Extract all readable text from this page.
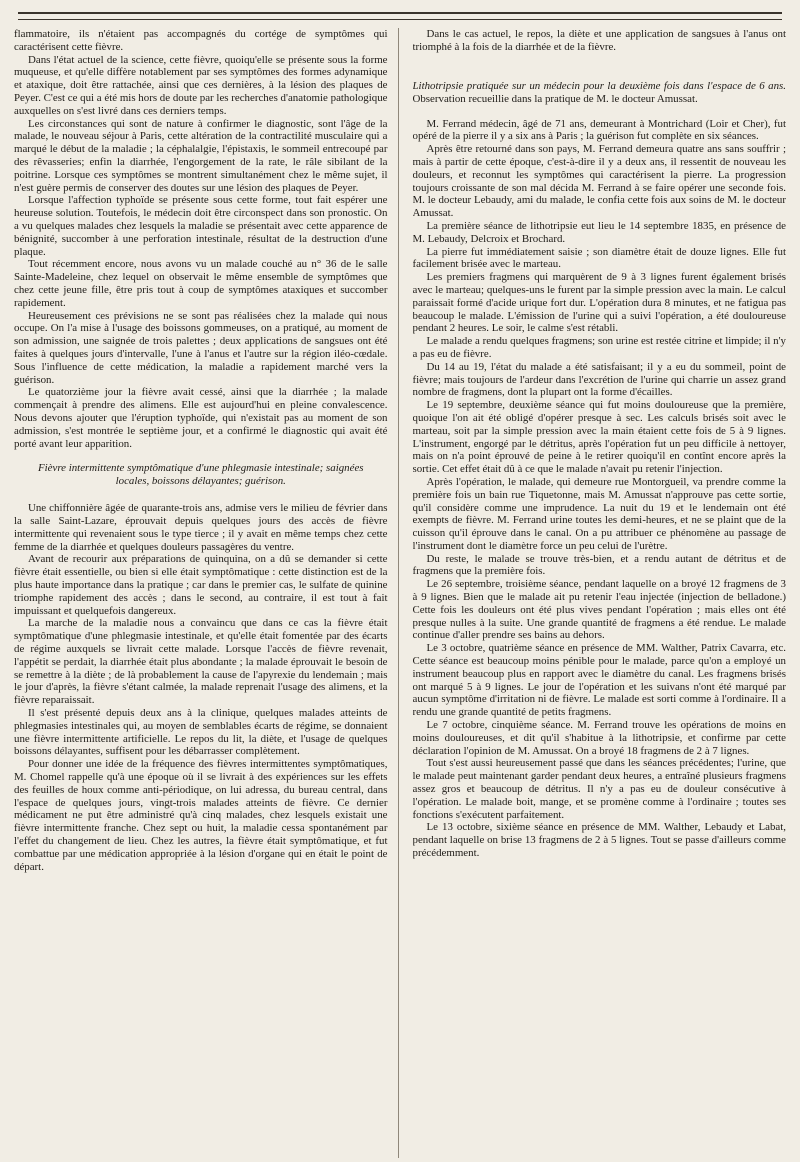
flammatoire, ils n'étaient pas accompagnés du cortége de symptômes qui caractérisent cette fièvre.

Dans l'état actuel de la science, cette fièvre, quoiqu'elle se présente sous la forme muqueuse, et qu'elle diffère notablement par ses symptômes des formes adynamique et ataxique, doit être rattachée, ainsi que ces dernières, à la lésion des plaques de Peyer. C'est ce qui a été mis hors de doute par les recherches d'anatomie pathologique auxquelles on s'est livré dans ces derniers temps.

Les circonstances qui sont de nature à confirmer le diagnostic, sont l'âge de la malade, le nouveau séjour à Paris, cette altération de la contractilité musculaire qui a marqué le début de la maladie ; la céphalalgie, l'épistaxis, le sommeil entrecoupé par des rêvasseries; enfin la diarrhée, l'engorgement de la rate, le râle sibilant de la poitrine. Lorsque ces symptômes se montrent simultanément chez le même sujet, il n'est guère permis de conserver des doutes sur une lésion des plaques de Peyer.

Lorsque l'affection typhoïde se présente sous cette forme, tout fait espérer une heureuse solution. Toutefois, le médecin doit être circonspect dans son pronostic. On a vu quelques malades chez lesquels la maladie se présentait avec cette apparence de bénignité, succomber à une perforation intestinale, résultat de la destruction d'une plaque.

Tout récemment encore, nous avons vu un malade couché au n° 36 de le salle Sainte-Madeleine, chez lequel on observait le même ensemble de symptômes que chez cette jeune fille, être pris tout à coup de symptômes ataxiques et succomber rapidement.

Heureusement ces prévisions ne se sont pas réalisées chez la malade qui nous occupe. On l'a mise à l'usage des boissons gommeuses, on a pratiqué, au moment de son admission, une saignée de trois palettes ; deux applications de sangsues ont été faites à quelques jours d'intervalle, l'une à l'anus et l'autre sur la région iléo-cœdale. Sous l'influence de cette médication, la maladie a rapidement marché vers la guérison.

Le quatorzième jour la fièvre avait cessé, ainsi que la diarrhée ; la malade commençait à prendre des alimens. Elle est aujourd'hui en pleine convalescence. Nous devons ajouter que l'éruption typhoïde, qui n'existait pas au moment de son admission, s'est montrée le septième jour, et a confirmé le diagnostic qui avait été porté avant leur apparition.

Fièvre intermittente symptômatique d'une phlegmasie intestinale; saignées locales, boissons délayantes; guérison.

Une chiffonnière âgée de quarante-trois ans, admise vers le milieu de février dans la salle Saint-Lazare, éprouvait depuis quelques jours des accès de fièvre intermittente qui revenaient sous le type tierce ; il y avait en même temps chez cette femme de la diarrhée et quelques douleurs passagères du ventre.

Avant de recourir aux préparations de quinquina, on a dû se demander si cette fièvre était essentielle, ou bien si elle était symptômatique : cette distinction est de la plus haute importance dans la pratique ; car dans le premier cas, le sulfate de quinine triomphe rapidement des accès ; dans le second, au contraire, il est tout à fait impuissant et quelquefois dangereux.

La marche de la maladie nous a convaincu que dans ce cas la fièvre était symptômatique d'une phlegmasie intestinale, et qu'elle était fomentée par des écarts de régime auxquels se livrait cette malade. Lorsque l'accès de fièvre revenait, l'appétit se perdait, la diarrhée était plus abondante ; la malade éprouvait le besoin de se remettre à la diète ; de là probablement la cause de l'apyrexie du lendemain ; mais le jour d'après, la fièvre s'étant calmée, la malade reprenait l'usage des alimens, et la fièvre reparaissait.

Il s'est présenté depuis deux ans à la clinique, quelques malades atteints de phlegmasies intestinales qui, au moyen de semblables écarts de régime, se donnaient une fièvre intermittente artificielle. Le repos du lit, la diète, et l'usage de quelques boissons délayantes, suffisent pour les débarrasser complètement.

Pour donner une idée de la fréquence des fièvres intermittentes symptômatiques, M. Chomel rappelle qu'à une époque où il se livrait à des expériences sur les effets des feuilles de houx comme anti-périodique, on lui adressa, du bureau central, dans l'espace de quelques jours, vingt-trois malades atteints de fièvre. Ce dernier médicament ne put être administré qu'à cinq malades, chez lesquels existait une fièvre intermittente franche. Chez sept ou huit, la maladie cessa spontanément par l'effet du changement de lieu. Chez les autres, la fièvre était symptômatique, et fut combattue par une médication appropriée à la lésion d'organe qui en était le point de départ.

Dans le cas actuel, le repos, la diète et une application de sangsues à l'anus ont triomphé à la fois de la diarrhée et de la fièvre.

Lithotripsie pratiquée sur un médecin pour la deuxième fois dans l'espace de 6 ans. Observation recueillie dans la pratique de M. le docteur Amussat.

M. Ferrand médecin, âgé de 71 ans, demeurant à Montrichard (Loir et Cher), fut opéré de la pierre il y a six ans à Paris ; la guérison fut complète en six séances.

Après être retourné dans son pays, M. Ferrand demeura quatre ans sans souffrir ; mais à partir de cette époque, c'est-à-dire il y a deux ans, il ressentit de nouveau les douleurs, et reconnut les symptômes qui caractérisent la pierre. La progression toujours croissante de son mal décida M. Ferrand à se faire opérer une seconde fois. M. le docteur Lebaudy, ami du malade, le confia cette fois aux soins de M. le docteur Amussat.

La première séance de lithotripsie eut lieu le 14 septembre 1835, en présence de M. Lebaudy, Delcroix et Brochard.

La pierre fut immédiatement saisie ; son diamètre était de douze lignes. Elle fut facilement brisée avec le marteau.

Les premiers fragmens qui marquèrent de 9 à 3 lignes furent également brisés avec le marteau; quelques-uns le furent par la simple pression avec la main. Le calcul paraissait formé d'acide urique fort dur. L'opération dura 8 minutes, et ne fatigua pas beaucoup le malade. L'émission de l'urine qui a suivi l'opération, a été douloureuse pendant 2 heures. Le soir, le calme s'est rétabli.

Le malade a rendu quelques fragmens; son urine est restée citrine et limpide; il n'y a pas eu de fièvre.

Du 14 au 19, l'état du malade a été satisfaisant; il y a eu du sommeil, point de fièvre; mais toujours de l'ardeur dans l'excrétion de l'urine qui charrie un assez grand nombre de fragmens, dont la plupart ont la forme d'écailles.

Le 19 septembre, deuxième séance qui fut moins douloureuse que la première, quoique l'on ait été obligé d'opérer presque à sec. Les calculs brisés soit avec le marteau, soit par la simple pression avec la main étaient cette fois de 5 à 9 lignes. L'instrument, engorgé par le détritus, après l'opération fut un peu difficile à nettoyer, mais on n'a point éprouvé de peine à le retirer quoiqu'il en contînt encore après la sortie. Cet effet était dû à ce que le malade n'avait pu retenir l'injection.

Après l'opération, le malade, qui demeure rue Montorgueil, va prendre comme la première fois un bain rue Tiquetonne, mais M. Amussat n'approuve pas cette sortie, qu'il considère comme une imprudence. La nuit du 19 et le lendemain ont été exempts de fièvre. M. Ferrand urine toutes les demi-heures, et ne se plaint que de la cuisson qu'il éprouve dans le canal. On a pu attribuer ce phénomène au passage de l'instrument dont le diamètre force un peu celui de l'urètre.

Du reste, le malade se trouve très-bien, et a rendu autant de détritus et de fragmens que la première fois.

Le 26 septembre, troisième séance, pendant laquelle on a broyé 12 fragmens de 3 à 9 lignes. Bien que le malade ait pu retenir l'eau injectée (injection de belladone.) Cette fois les douleurs ont été plus vives pendant l'opération ; mais elles ont été presque nulles à la suite. Une grande quantité de fragmens a été rendue. Le malade continue d'aller prendre ses bains au dehors.

Le 3 octobre, quatrième séance en présence de MM. Walther, Patrix Cavarra, etc. Cette séance est beaucoup moins pénible pour le malade, parce qu'on a employé un instrument beaucoup plus en rapport avec le diamètre du canal. Les fragmens brisés ont marqué 5 à 9 lignes. Le jour de l'opération et les suivans n'ont été marqué par aucun symptôme d'irritation ni de fièvre. Le malade est sorti comme à l'ordinaire. Il a rendu une grande quantité de petits fragmens.

Le 7 octobre, cinquième séance. M. Ferrand trouve les opérations de moins en moins douloureuses, et dit qu'il s'habitue à la lithotripsie, et confirme par cette déclaration l'opinion de M. Amussat. On a broyé 18 fragmens de 2 à 7 lignes.

Tout s'est aussi heureusement passé que dans les séances précédentes; l'urine, que le malade peut maintenant garder pendant deux heures, a entraîné plusieurs fragmens assez gros et beaucoup de détritus. Il n'y a pas eu de douleur consécutive à l'opération. Le malade boit, mange, et se promène comme à l'ordinaire ; toutes ses fonctions s'exécutent parfaitement.

Le 13 octobre, sixième séance en présence de MM. Walther, Lebaudy et Labat, pendant laquelle on brise 13 fragmens de 2 à 5 lignes. Tout se passe d'ailleurs comme précédemment.
